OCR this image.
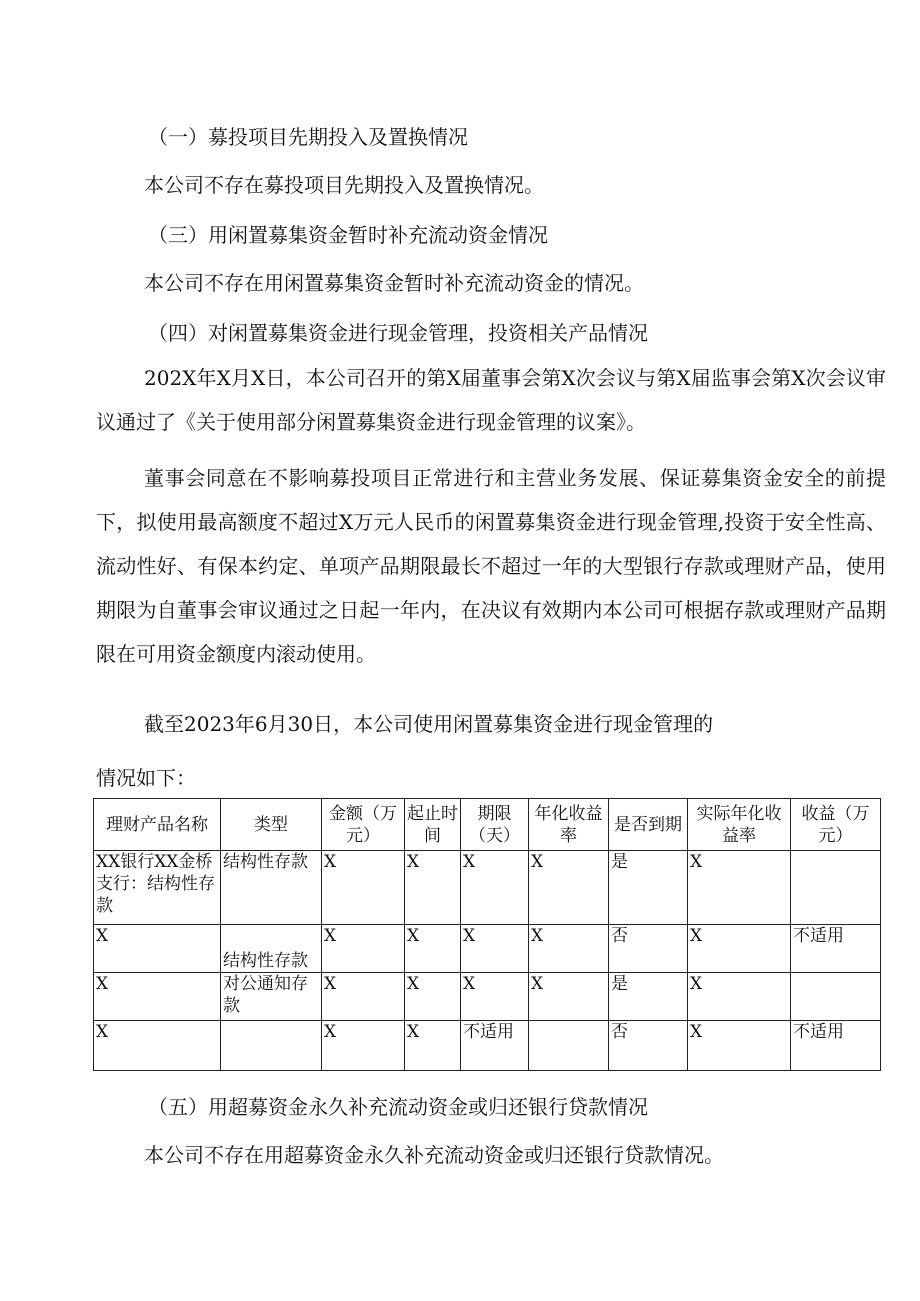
（一）募投项目先期投入及置换情况
本公司不存在募投项目先期投入及置换情况。
（三）用闲置募集资金暂时补充流动资金情况
本公司不存在用闲置募集资金暂时补充流动资金的情况。
（四）对闲置募集资金进行现金管理，投资相关产品情况

202X年X月X日，本公司召开的第X届董事会第X次会议与第X届监事会第X次会议审议通过了《关于使用部分闲置募集资金进行现金管理的议案》。

董事会同意在不影响募投项目正常进行和主营业务发展、保证募集资金安全的前提下，拟使用最高额度不超过X万元人民币的闲置募集资金进行现金管理,投资于安全性高、流动性好、有保本约定、单项产品期限最长不超过一年的大型银行存款或理财产品，使用期限为自董事会审议通过之日起一年内，在决议有效期内本公司可根据存款或理财产品期限在可用资金额度内滚动使用。

截至2023年6月30日，本公司使用闲置募集资金进行现金管理的
情况如下：
理财产品名称	类型	金额（万元）	起止时间	期限（天）	年化收益率	是否到期	实际年化收益率	收益（万元）
XX银行XX金桥支行：结构性存款	结构性存款	X	X	X	X	是	X	
X	结构性存款	X	X	X	X	否	X	不适用
X	对公通知存款	X	X	X	X	是	X	
X		X	X	不适用		否	X	不适用
（五）用超募资金永久补充流动资金或归还银行贷款情况
本公司不存在用超募资金永久补充流动资金或归还银行贷款情况。
